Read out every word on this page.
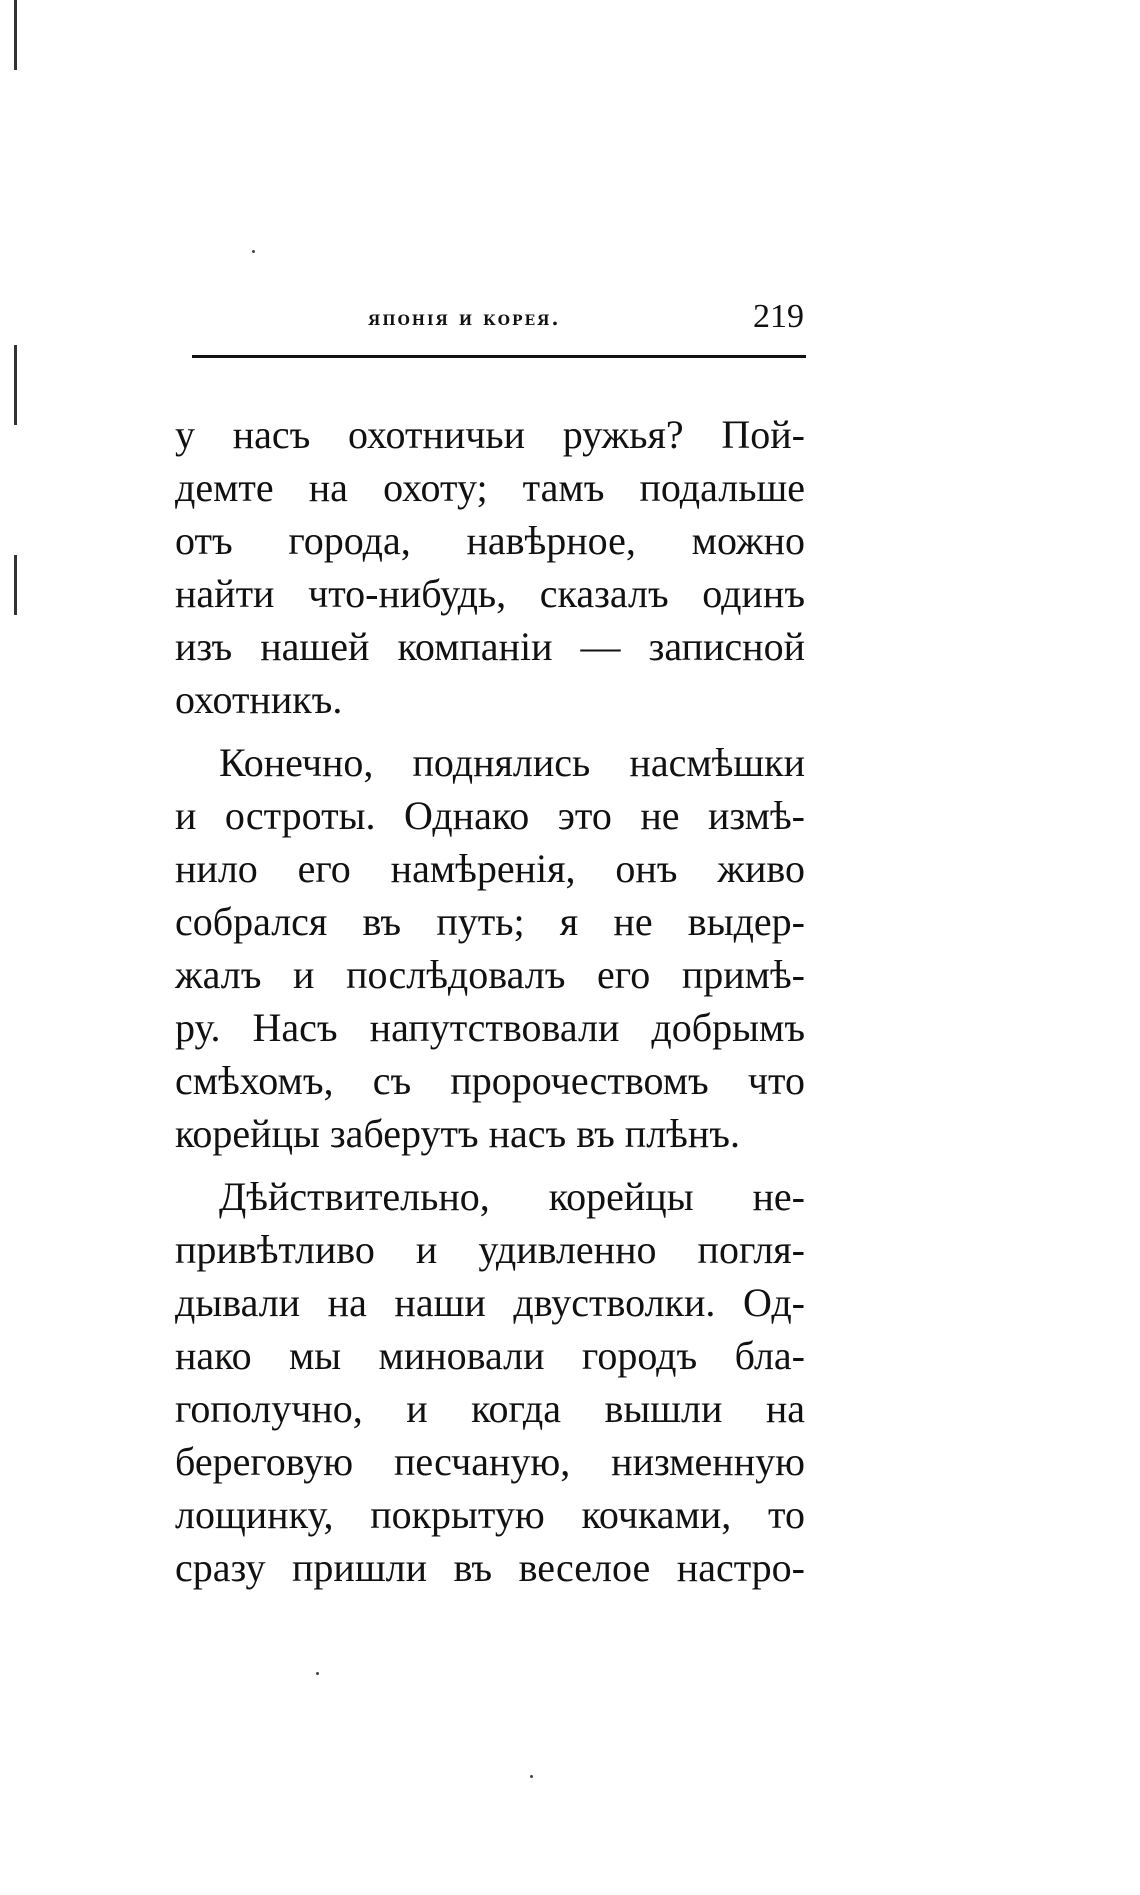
японія и корея.	219
у насъ охотничьи ружья? Пой-
демте на охоту; тамъ подальше
отъ города, навѣрное, можно
найти что-нибудь, сказалъ одинъ
изъ нашей компаніи — записной
охотникъ.
Конечно, поднялись насмѣшки
и остроты. Однако это не измѣ-
нило его намѣренія, онъ живо
собрался въ путь; я не выдер-
жалъ и послѣдовалъ его примѣ-
ру. Насъ напутствовали добрымъ
смѣхомъ, съ пророчествомъ что
корейцы заберутъ насъ въ плѣнъ.
Дѣйствительно, корейцы не-
привѣтливо и удивленно погля-
дывали на наши двустволки. Од-
нако мы миновали городъ бла-
гополучно, и когда вышли на
береговую песчаную, низменную
лощинку, покрытую кочками, то
сразу пришли въ веселое настро-
